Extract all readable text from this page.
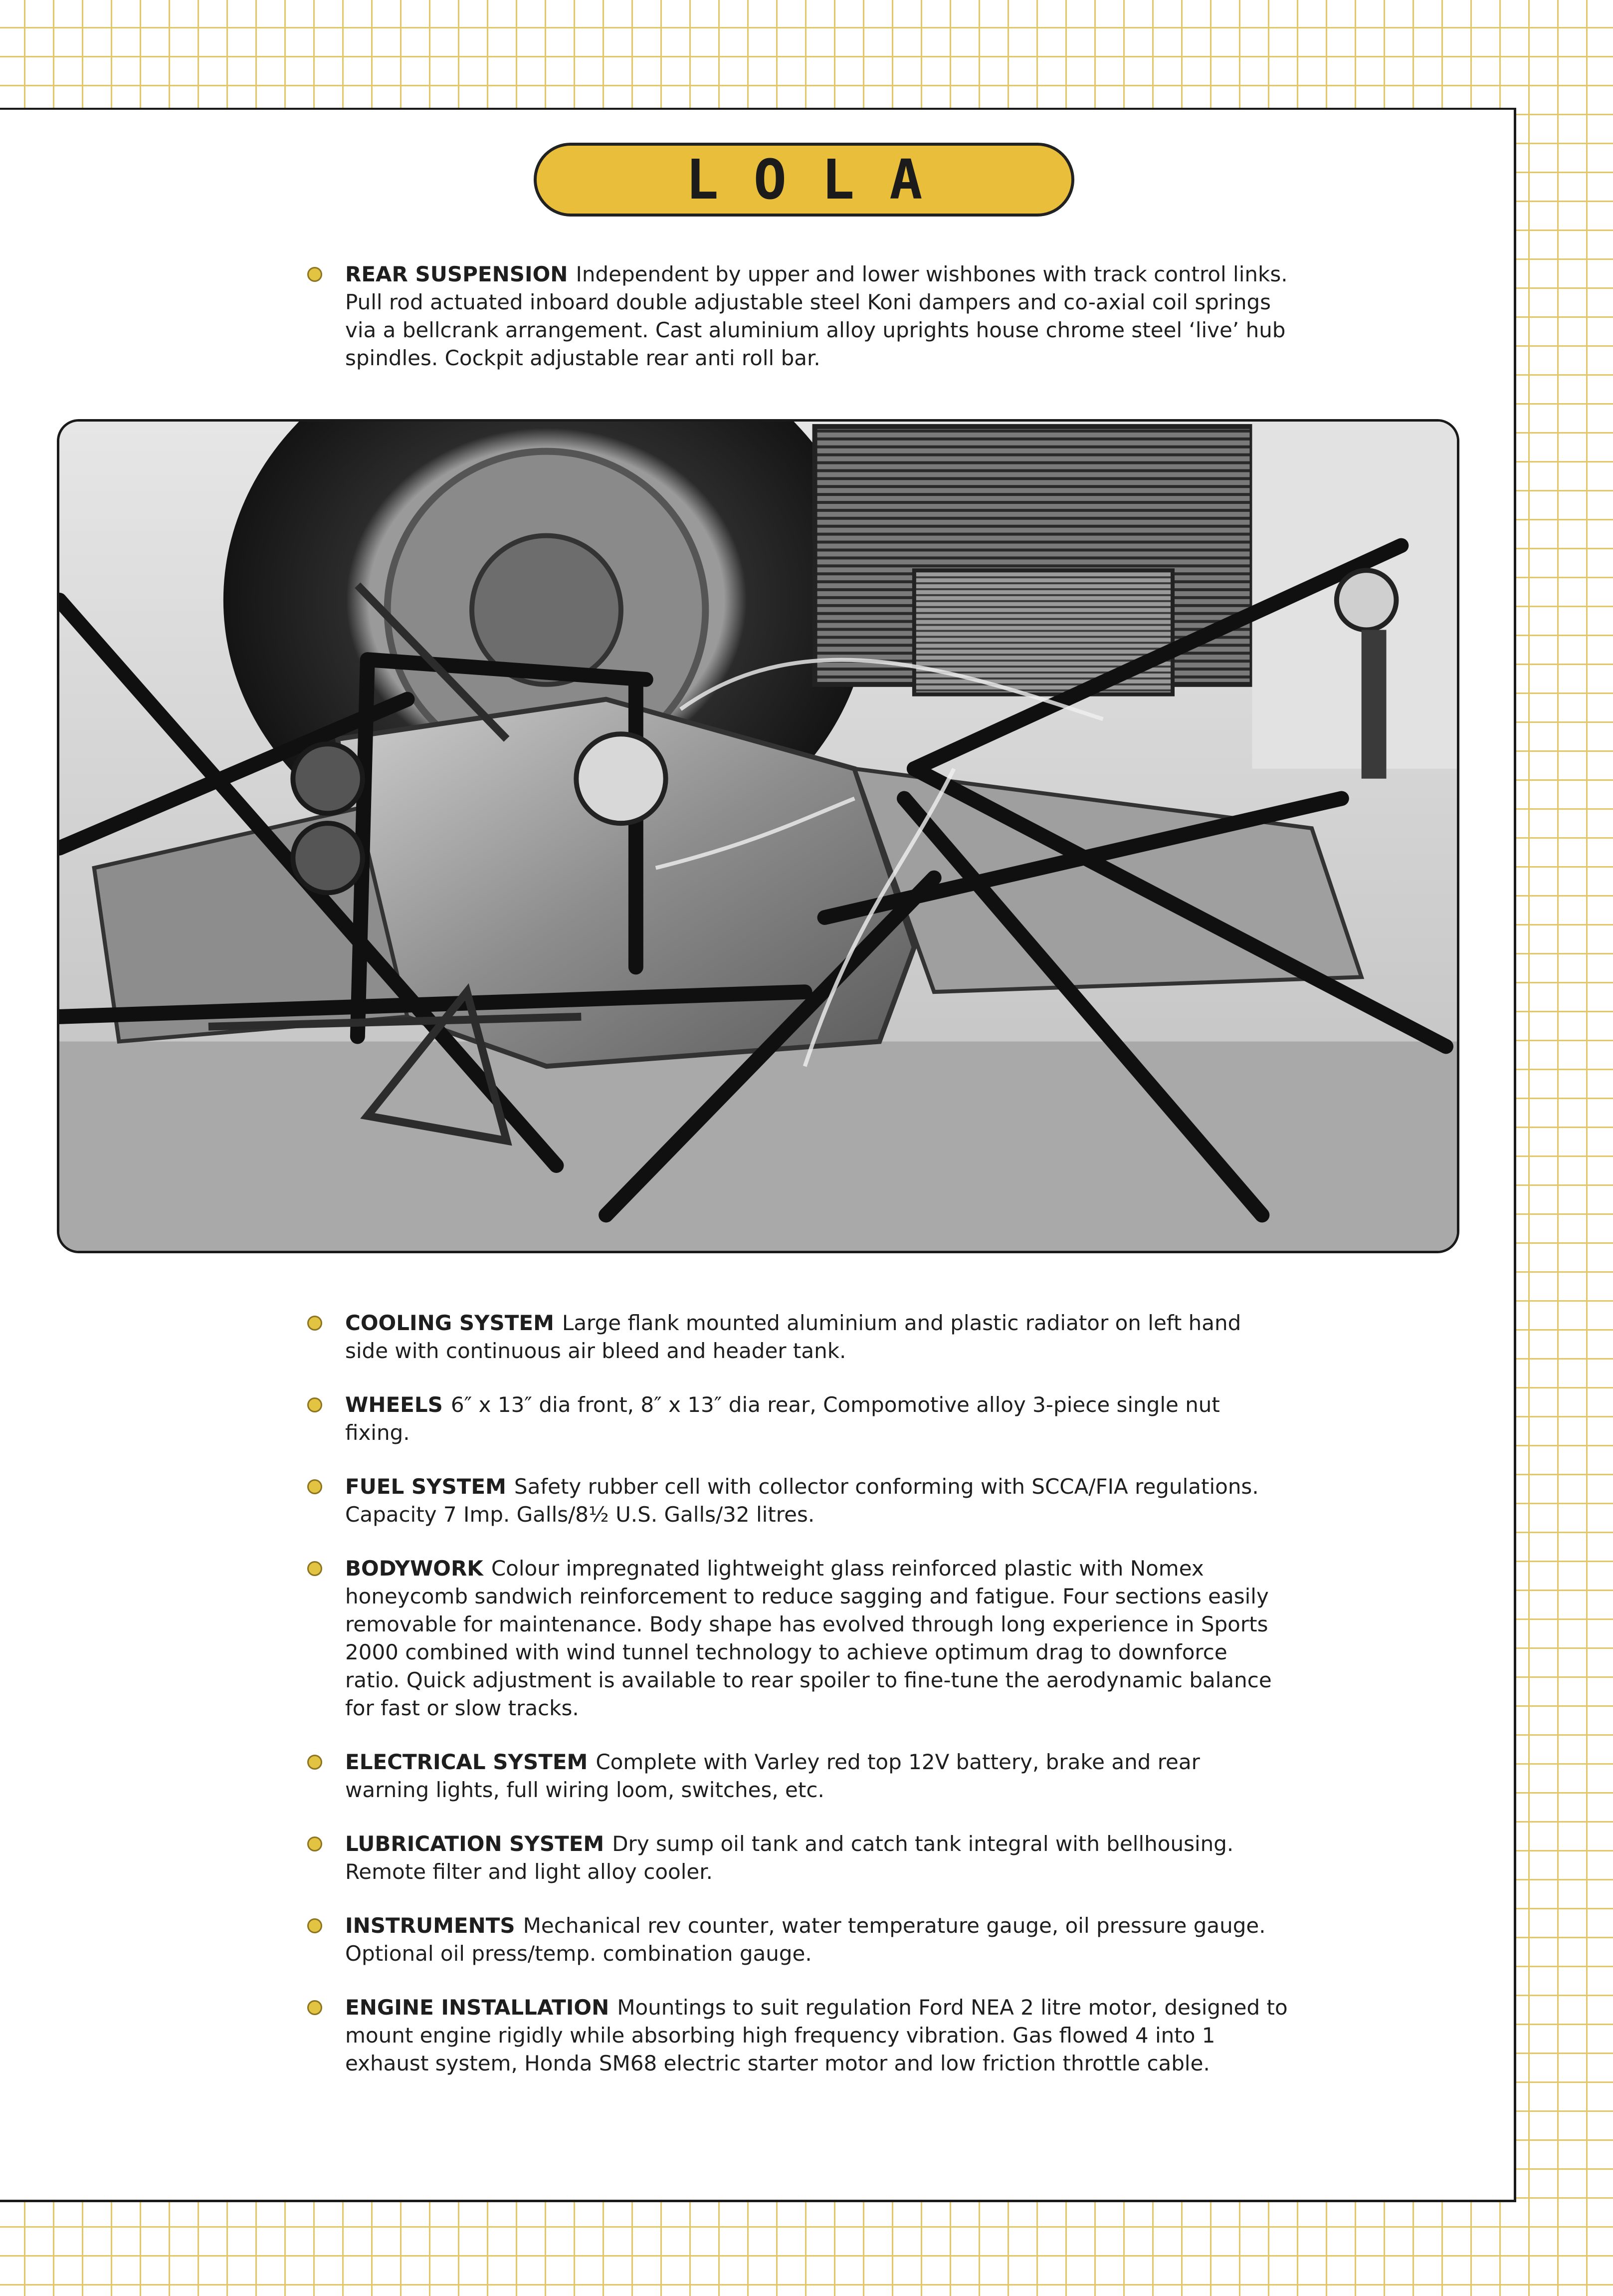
LOLA
REAR SUSPENSION Independent by upper and lower wishbones with track control links. Pull rod actuated inboard double adjustable steel Koni dampers and co-axial coil springs via a bellcrank arrangement. Cast aluminium alloy uprights house chrome steel ‘live’ hub spindles. Cockpit adjustable rear anti roll bar.
COOLING SYSTEM Large flank mounted aluminium and plastic radiator on left hand side with continuous air bleed and header tank.
WHEELS 6″ x 13″ dia front, 8″ x 13″ dia rear, Compomotive alloy 3-piece single nut fixing.
FUEL SYSTEM Safety rubber cell with collector conforming with SCCA/FIA regulations. Capacity 7 Imp. Galls/8½ U.S. Galls/32 litres.
BODYWORK Colour impregnated lightweight glass reinforced plastic with Nomex honeycomb sandwich reinforcement to reduce sagging and fatigue. Four sections easily removable for maintenance. Body shape has evolved through long experience in Sports 2000 combined with wind tunnel technology to achieve optimum drag to downforce ratio. Quick adjustment is available to rear spoiler to fine-tune the aerodynamic balance for fast or slow tracks.
ELECTRICAL SYSTEM Complete with Varley red top 12V battery, brake and rear warning lights, full wiring loom, switches, etc.
LUBRICATION SYSTEM Dry sump oil tank and catch tank integral with bellhousing. Remote filter and light alloy cooler.
INSTRUMENTS Mechanical rev counter, water temperature gauge, oil pressure gauge. Optional oil press/temp. combination gauge.
ENGINE INSTALLATION Mountings to suit regulation Ford NEA 2 litre motor, designed to mount engine rigidly while absorbing high frequency vibration. Gas flowed 4 into 1 exhaust system, Honda SM68 electric starter motor and low friction throttle cable.
